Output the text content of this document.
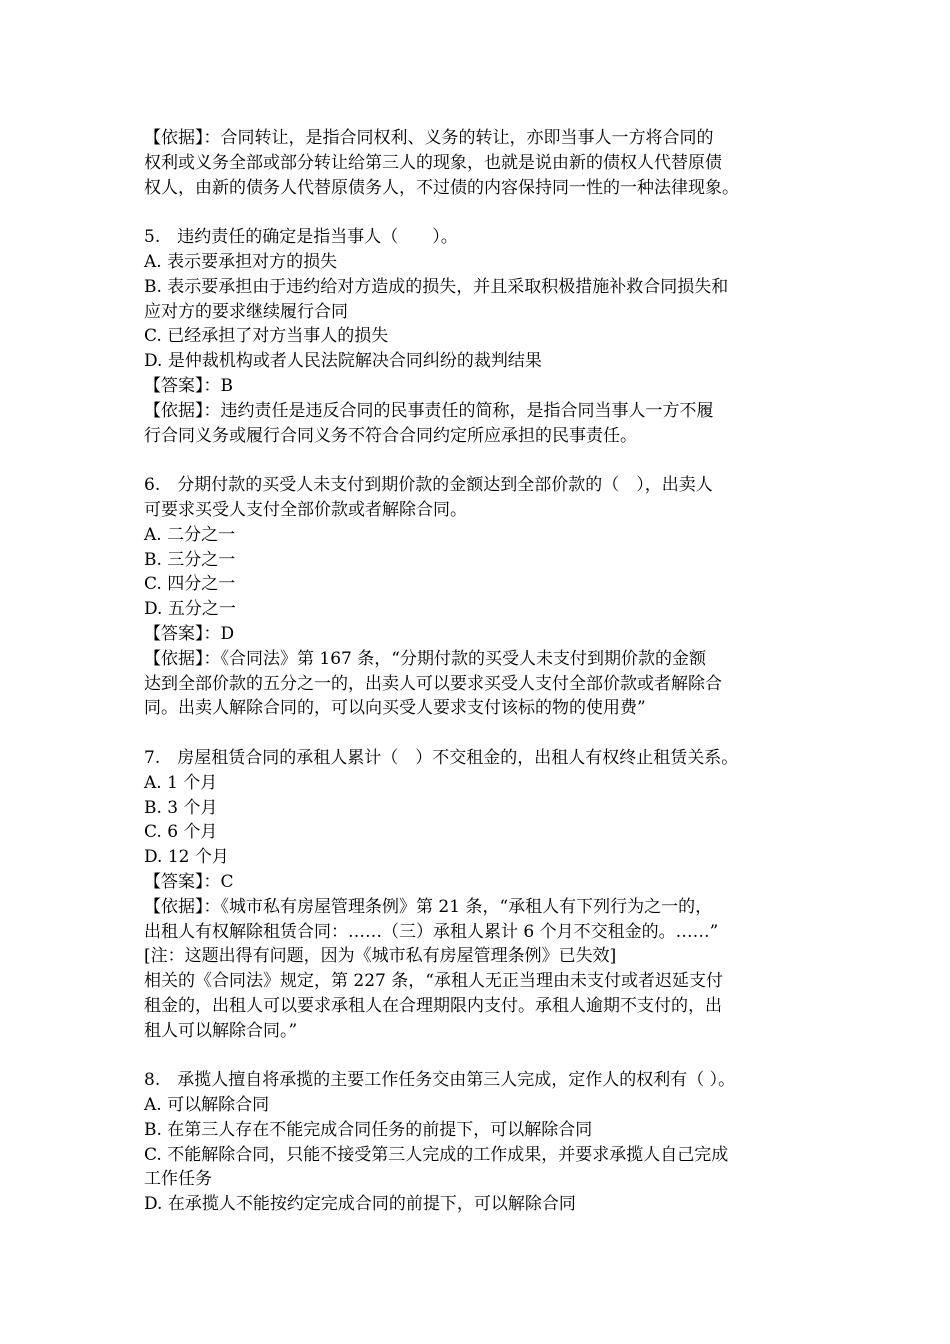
【依据】：合同转让，是指合同权利、义务的转让，亦即当事人一方将合同的
权利或义务全部或部分转让给第三人的现象，也就是说由新的债权人代替原债
权人，由新的债务人代替原债务人，不过债的内容保持同一性的一种法律现象。
5.　违约责任的确定是指当事人（　　）。
A. 表示要承担对方的损失
B. 表示要承担由于违约给对方造成的损失，并且采取积极措施补救合同损失和
应对方的要求继续履行合同
C. 已经承担了对方当事人的损失
D. 是仲裁机构或者人民法院解决合同纠纷的裁判结果
【答案】：B
【依据】：违约责任是违反合同的民事责任的简称，是指合同当事人一方不履
行合同义务或履行合同义务不符合合同约定所应承担的民事责任。
6.　分期付款的买受人未支付到期价款的金额达到全部价款的（　），出卖人
可要求买受人支付全部价款或者解除合同。
A. 二分之一
B. 三分之一
C. 四分之一
D. 五分之一
【答案】：D
【依据】：《合同法》第 167 条，“分期付款的买受人未支付到期价款的金额
达到全部价款的五分之一的，出卖人可以要求买受人支付全部价款或者解除合
同。出卖人解除合同的，可以向买受人要求支付该标的物的使用费”
7.　房屋租赁合同的承租人累计（　）不交租金的，出租人有权终止租赁关系。
A. 1 个月
B. 3 个月
C. 6 个月
D. 12 个月
【答案】：C
【依据】：《城市私有房屋管理条例》第 21 条，“承租人有下列行为之一的，
出租人有权解除租赁合同：……（三）承租人累计 6 个月不交租金的。……”
[注：这题出得有问题，因为《城市私有房屋管理条例》已失效]
相关的《合同法》规定，第 227 条，“承租人无正当理由未支付或者迟延支付
租金的，出租人可以要求承租人在合理期限内支付。承租人逾期不支付的，出
租人可以解除合同。”
8.　承揽人擅自将承揽的主要工作任务交由第三人完成，定作人的权利有（ ）。
A. 可以解除合同
B. 在第三人存在不能完成合同任务的前提下，可以解除合同
C. 不能解除合同，只能不接受第三人完成的工作成果，并要求承揽人自己完成
工作任务
D. 在承揽人不能按约定完成合同的前提下，可以解除合同
